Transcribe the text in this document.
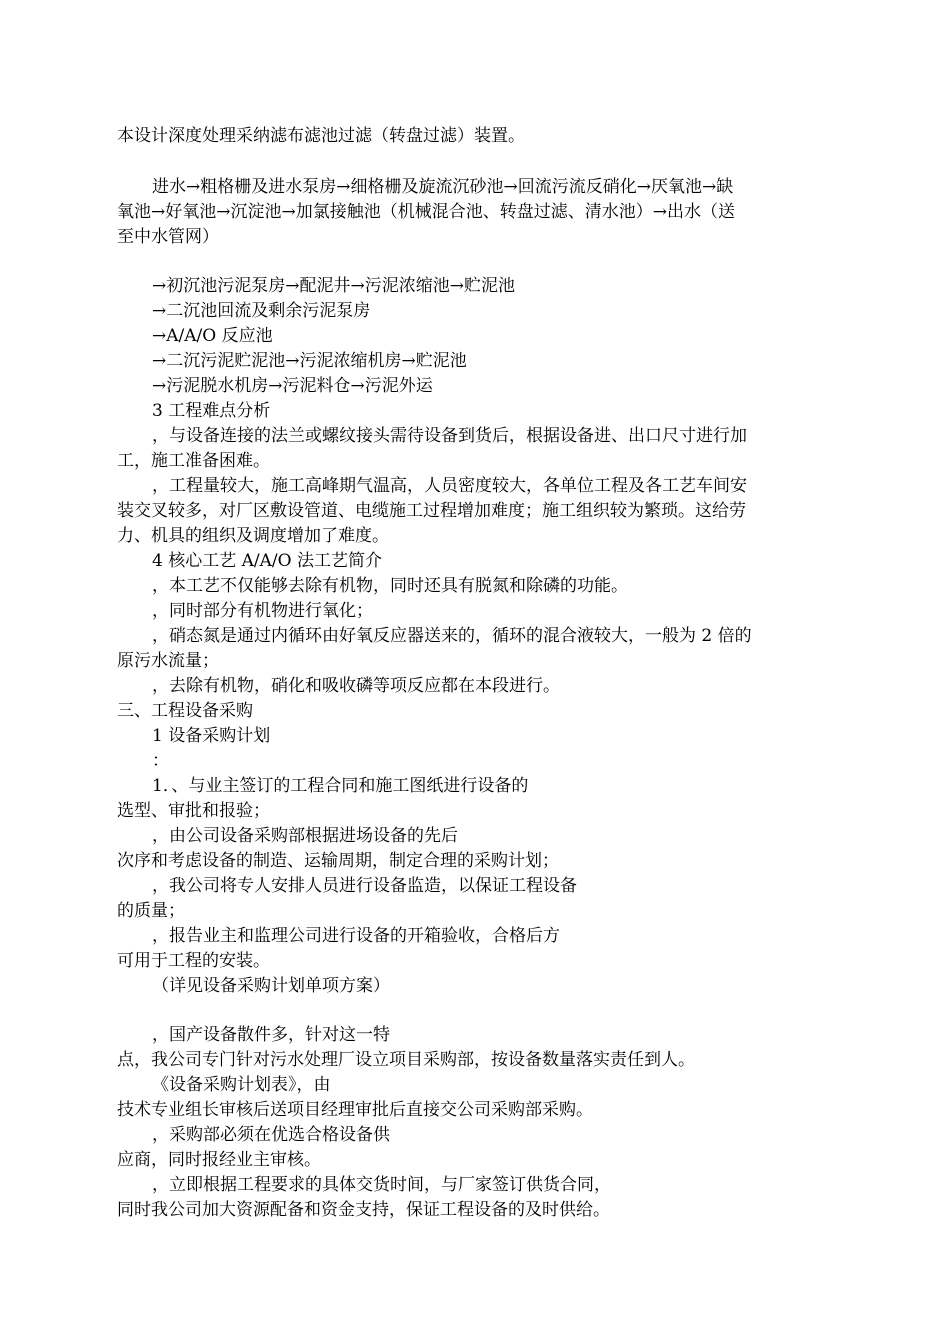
本设计深度处理采纳滤布滤池过滤（转盘过滤）装置。
进水→粗格栅及进水泵房→细格栅及旋流沉砂池→回流污流反硝化→厌氧池→缺
氧池→好氧池→沉淀池→加氯接触池（机械混合池、转盘过滤、清水池）→出水（送
至中水管网）
→初沉池污泥泵房→配泥井→污泥浓缩池→贮泥池
→二沉池回流及剩余污泥泵房
→A/A/O 反应池
→二沉污泥贮泥池→污泥浓缩机房→贮泥池
→污泥脱水机房→污泥料仓→污泥外运
3 工程难点分析
，与设备连接的法兰或螺纹接头需待设备到货后，根据设备进、出口尺寸进行加
工，施工准备困难。
，工程量较大，施工高峰期气温高，人员密度较大，各单位工程及各工艺车间安
装交叉较多，对厂区敷设管道、电缆施工过程增加难度；施工组织较为繁琐。这给劳
力、机具的组织及调度增加了难度。
4 核心工艺 A/A/O 法工艺简介
，本工艺不仅能够去除有机物，同时还具有脱氮和除磷的功能。
，同时部分有机物进行氧化；
，硝态氮是通过内循环由好氧反应器送来的，循环的混合液较大，一般为 2 倍的
原污水流量；
，去除有机物，硝化和吸收磷等项反应都在本段进行。
三、工程设备采购
1 设备采购计划
：
1．、与业主签订的工程合同和施工图纸进行设备的
选型、审批和报验；
，由公司设备采购部根据进场设备的先后
次序和考虑设备的制造、运输周期，制定合理的采购计划；
，我公司将专人安排人员进行设备监造，以保证工程设备
的质量；
，报告业主和监理公司进行设备的开箱验收，合格后方
可用于工程的安装。
（详见设备采购计划单项方案）
，国产设备散件多，针对这一特
点，我公司专门针对污水处理厂设立项目采购部，按设备数量落实责任到人。
《设备采购计划表》，由
技术专业组长审核后送项目经理审批后直接交公司采购部采购。
，采购部必须在优选合格设备供
应商，同时报经业主审核。
，立即根据工程要求的具体交货时间，与厂家签订供货合同，
同时我公司加大资源配备和资金支持，保证工程设备的及时供给。
